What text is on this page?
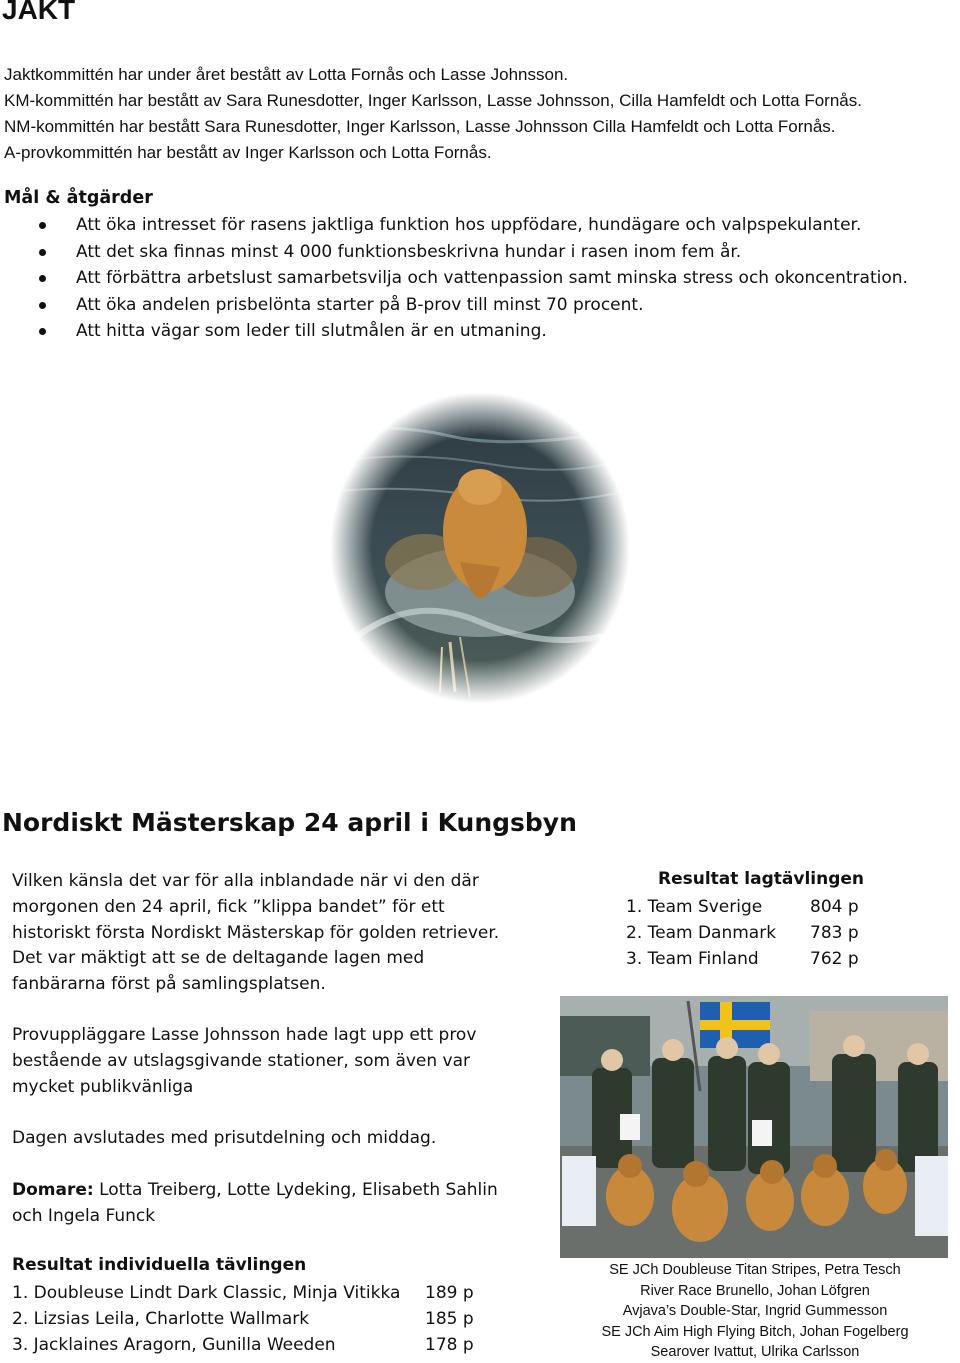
JAKT
Jaktkommittén har under året bestått av Lotta Fornås och Lasse Johnsson.
KM-kommittén har bestått av Sara Runesdotter, Inger Karlsson, Lasse Johnsson, Cilla Hamfeldt och Lotta Fornås.
NM-kommittén har bestått Sara Runesdotter, Inger Karlsson, Lasse Johnsson Cilla Hamfeldt och Lotta Fornås.
A-provkommittén har bestått av Inger Karlsson och Lotta Fornås.
Mål & åtgärder
Att öka intresset för rasens jaktliga funktion hos uppfödare, hundägare och valpspekulanter.
Att det ska finnas minst 4 000 funktionsbeskrivna hundar i rasen inom fem år.
Att förbättra arbetslust samarbetsvilja och vattenpassion samt minska stress och okoncentration.
Att öka andelen prisbelönta starter på B-prov till minst 70 procent.
Att hitta vägar som leder till slutmålen är en utmaning.
Nordiskt Mästerskap 24 april i Kungsbyn
Vilken känsla det var för alla inblandade när vi den där
morgonen den 24 april, fick ”klippa bandet” för ett
historiskt första Nordiskt Mästerskap för golden retriever.
Det var mäktigt att se de deltagande lagen med
fanbärarna först på samlingsplatsen.
Provuppläggare Lasse Johnsson hade lagt upp ett prov
bestående av utslagsgivande stationer, som även var
mycket publikvänliga
Dagen avslutades med prisutdelning och middag.
Domare: Lotta Treiberg, Lotte Lydeking, Elisabeth Sahlin
och Ingela Funck
Resultat individuella tävlingen
1. Doubleuse Lindt Dark Classic, Minja Vitikka 189 p
2. Lizsias Leila, Charlotte Wallmark	185 p
3. Jacklaines Aragorn, Gunilla Weeden	178 p
Resultat lagtävlingen
1. Team Sverige	804 p
2. Team Danmark 783 p
3. Team Finland	762 p
SE JCh Doubleuse Titan Stripes, Petra Tesch
River Race Brunello, Johan Löfgren
Avjava’s Double-Star, Ingrid Gummesson
SE JCh Aim High Flying Bitch, Johan Fogelberg
Searover Ivattut, Ulrika Carlsson
